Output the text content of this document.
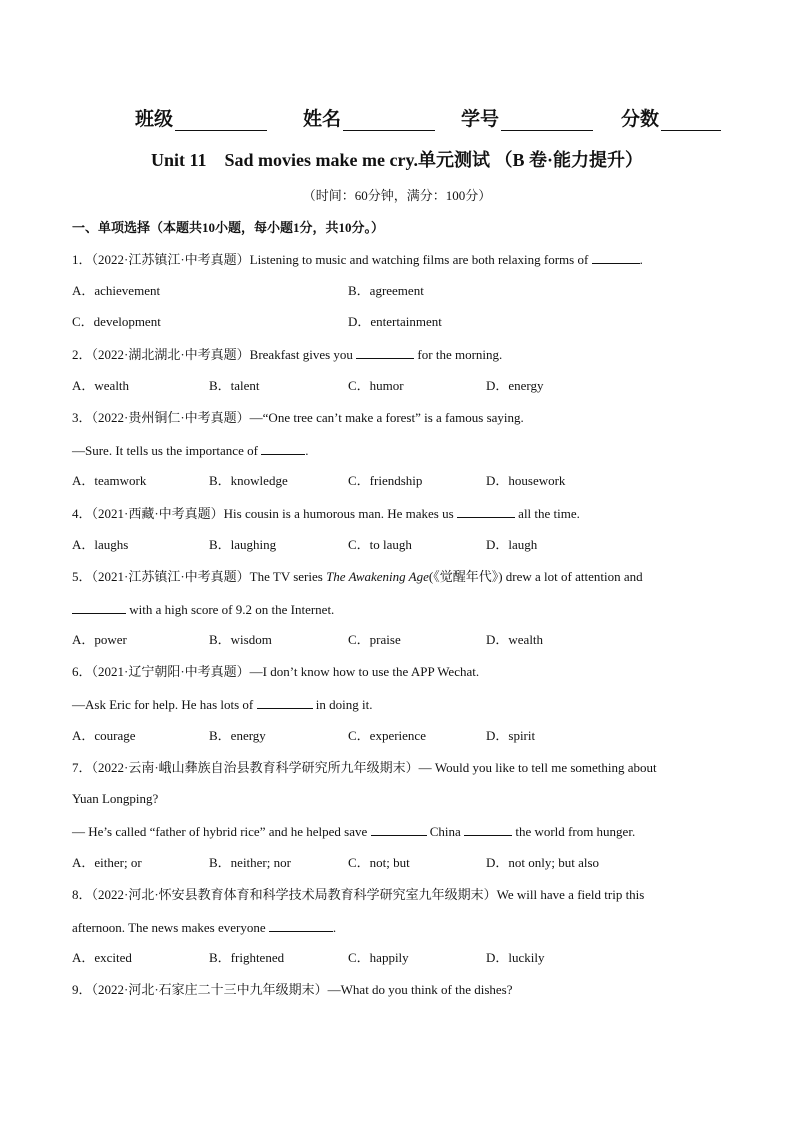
班级	姓名	学号	分数
Unit 11　Sad movies make me cry.单元测试 （B 卷·能力提升）
（时间：60分钟，满分：100分）
一、单项选择（本题共10小题，每小题1分，共10分。）
1．（2022·江苏镇江·中考真题）Listening to music and watching films are both relaxing forms of	.
A．achievement	B．agreement
C．development	D．entertainment
2．（2022·湖北湖北·中考真题）Breakfast gives you	for the morning.
A．wealth	B．talent	C．humor	D．energy
3．（2022·贵州铜仁·中考真题）—“One tree can’t make a forest” is a famous saying.
—Sure. It tells us the importance of	.
A．teamwork	B．knowledge	C．friendship	D．housework
4．（2021·西藏·中考真题）His cousin is a humorous man. He makes us	all the time.
A．laughs	B．laughing	C．to laugh	D．laugh
5．（2021·江苏镇江·中考真题）The TV series The Awakening Age(《觉醒年代》) drew a lot of attention and
with a high score of 9.2 on the Internet.
A．power	B．wisdom	C．praise	D．wealth
6．（2021·辽宁朝阳·中考真题）—I don’t know how to use the APP Wechat.
—Ask Eric for help. He has lots of	in doing it.
A．courage	B．energy	C．experience	D．spirit
7．（2022·云南·峨山彝族自治县教育科学研究所九年级期末）— Would you like to tell me something about
Yuan Longping?
— He’s called “father of hybrid rice” and he helped save	China	the world from hunger.
A．either; or	B．neither; nor	C．not; but	D．not only; but also
8．（2022·河北·怀安县教育体育和科学技术局教育科学研究室九年级期末）We will have a field trip this
afternoon. The news makes everyone	.
A．excited	B．frightened	C．happily	D．luckily
9．（2022·河北·石家庄二十三中九年级期末）—What do you think of the dishes?
